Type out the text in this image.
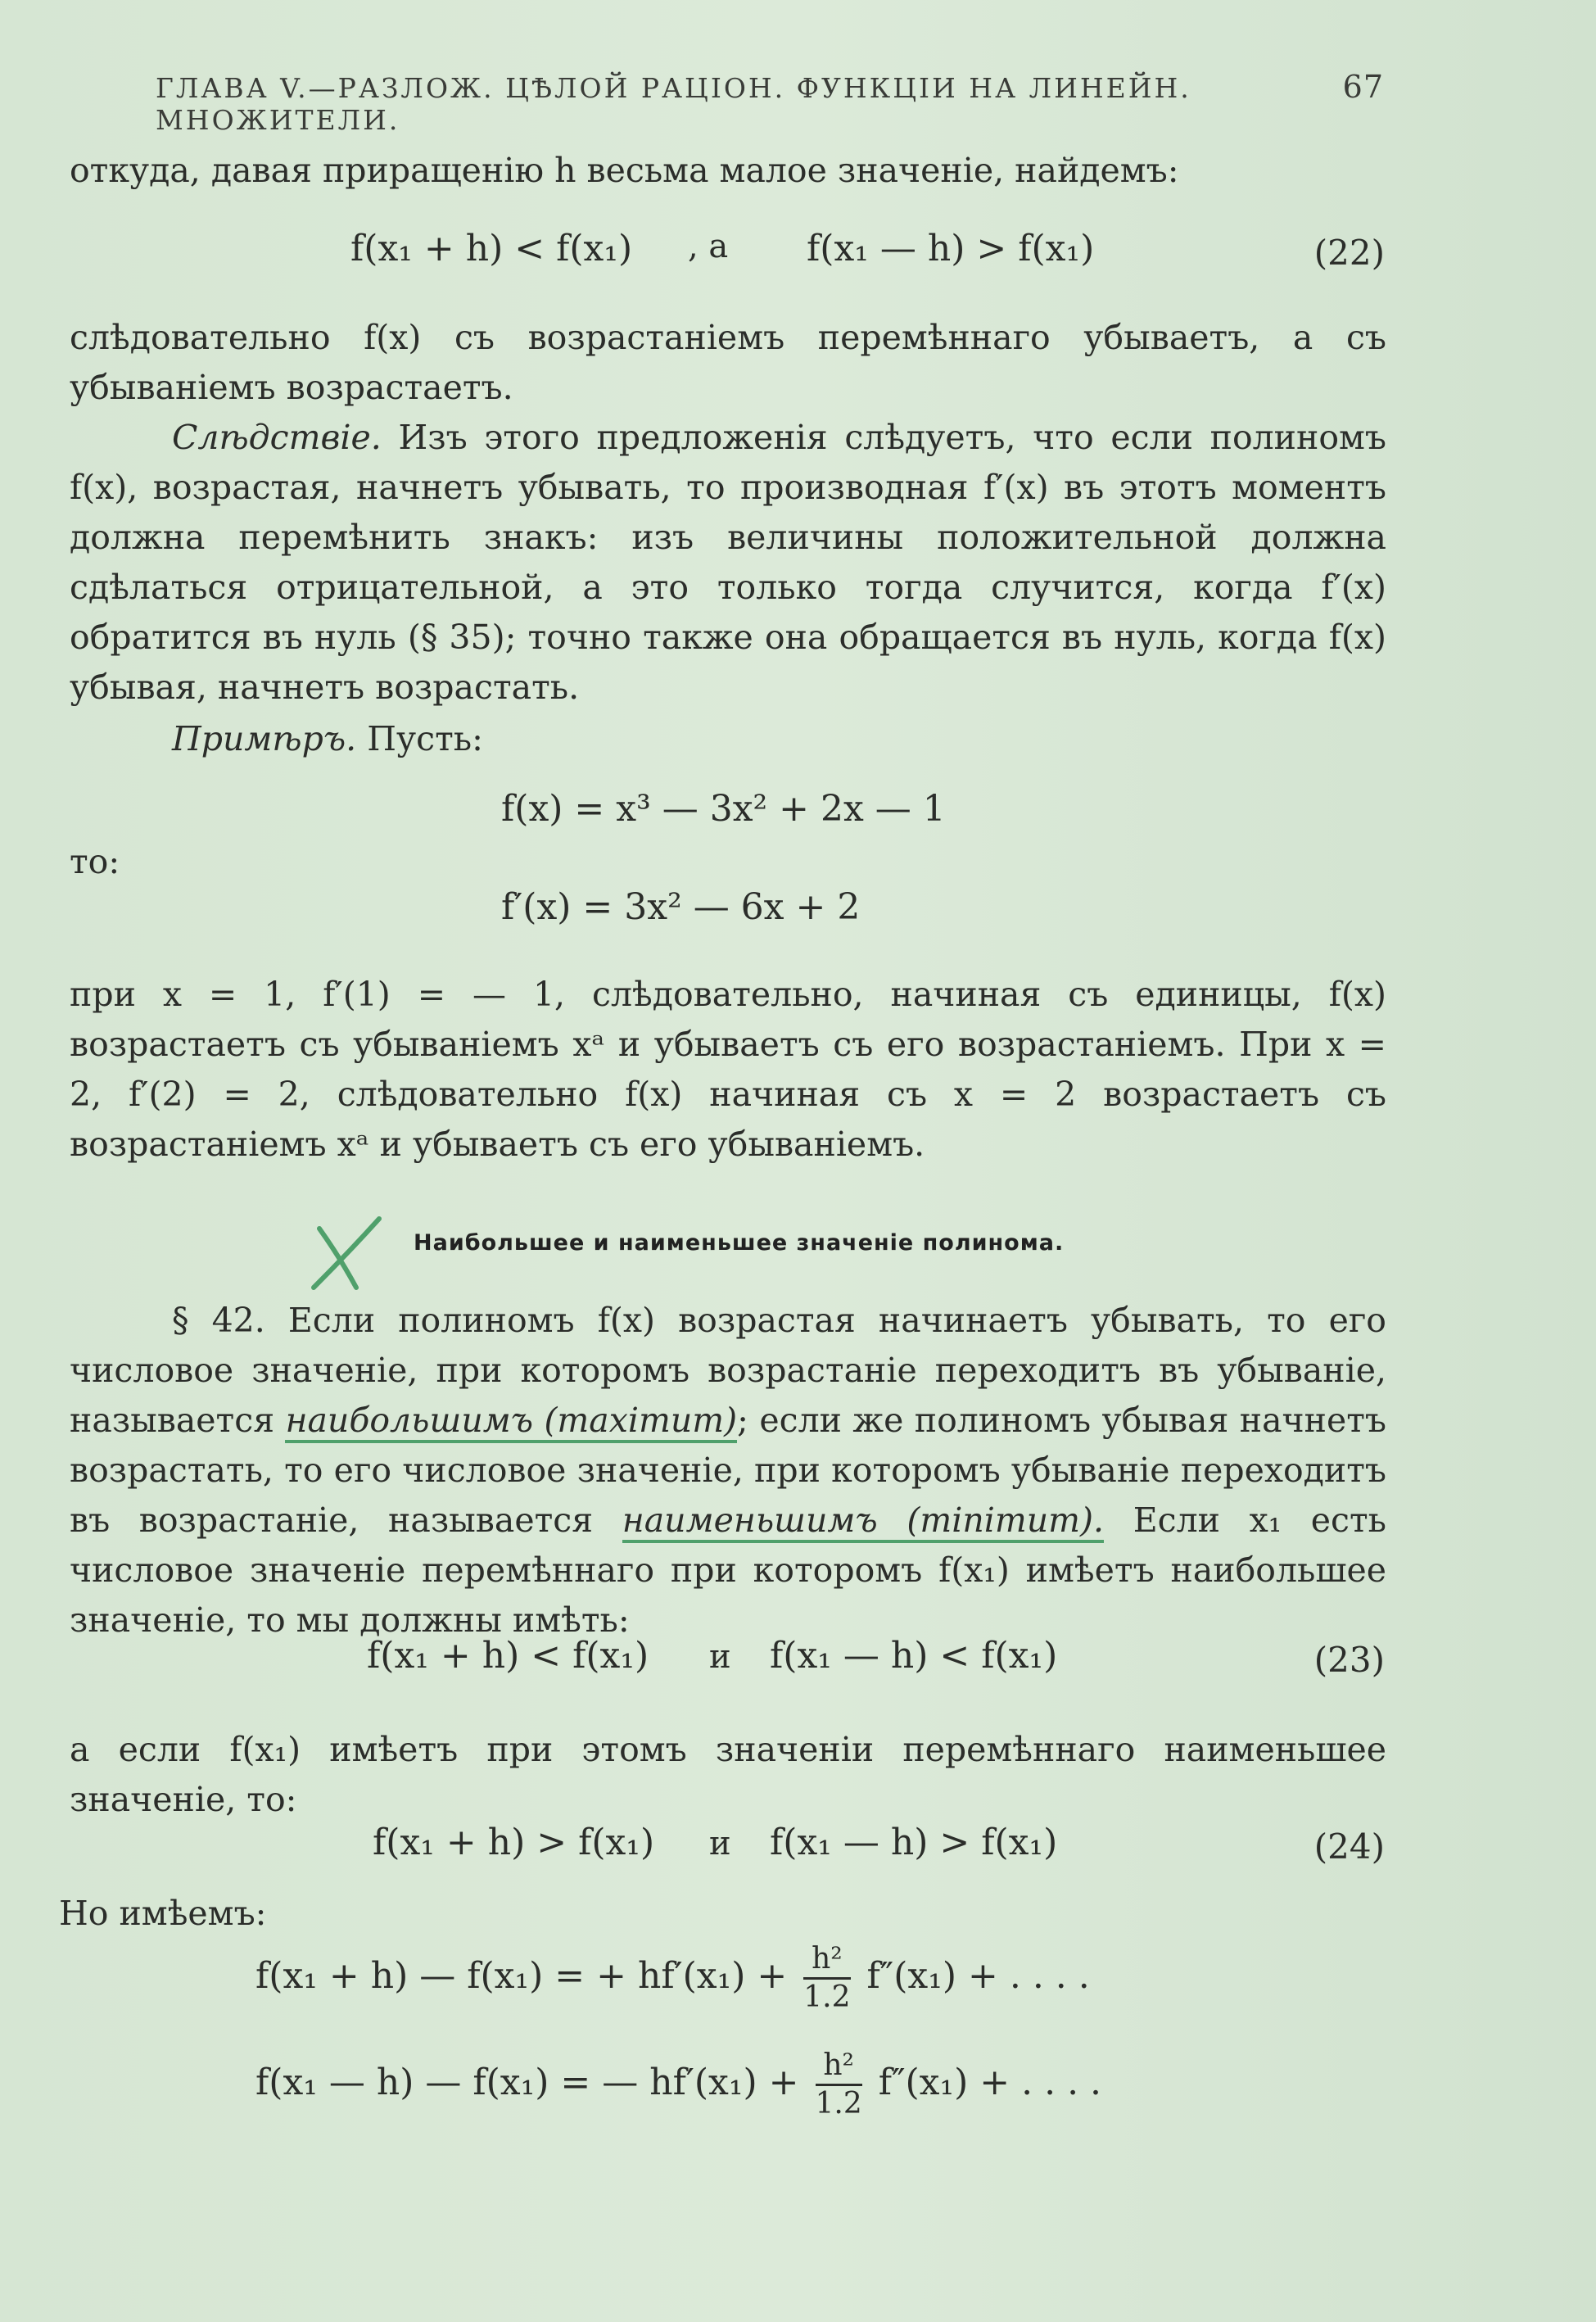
ГЛАВА V.—РАЗЛОЖ. ЦѢЛОЙ РАЦIОН. ФУНКЦIИ НА ЛИНЕЙН. МНОЖИТЕЛИ.
67
откуда, давая приращенiю h весьма малое значенiе, найдемъ:
f(x₁ + h) < f(x₁) , а f(x₁ — h) > f(x₁)	(22)
слѣдовательно f(x) съ возрастанiемъ перемѣннаго убываетъ, а съ убыванiемъ возрастаетъ.
Слѣдствiе. Изъ этого предложенiя слѣдуетъ, что если полиномъ f(x), возрастая, начнетъ убывать, то производная f′(x) въ этотъ моментъ должна перемѣнить знакъ: изъ величины положительной должна сдѣлаться отрицательной, а это только тогда случится, когда f′(x) обратится въ нуль (§ 35); точно также она обращается въ нуль, когда f(x) убывая, начнетъ возрастать.
Примѣръ. Пусть:
f(x) = x³ — 3x² + 2x — 1
то:
f′(x) = 3x² — 6x + 2
при x = 1, f′(1) = — 1, слѣдовательно, начиная съ единицы, f(x) возрастаетъ съ убыванiемъ xᵃ и убываетъ съ его возрастанiемъ. При x = 2, f′(2) = 2, слѣдовательно f(x) начиная съ x = 2 возрастаетъ съ возрастанiемъ xᵃ и убываетъ съ его убыванiемъ.
Наибольшее и наименьшее значенiе полинома.
§ 42. Если полиномъ f(x) возрастая начинаетъ убывать, то его числовое значенiе, при которомъ возрастанiе переходитъ въ убыванiе, называется наибольшимъ (maximum); если же полиномъ убывая начнетъ возрастать, то его числовое значенiе, при которомъ убыванiе переходитъ въ возрастанiе, называется наименьшимъ (minimum). Если x₁ есть числовое значенiе перемѣннаго при которомъ f(x₁) имѣетъ наибольшее значенiе, то мы должны имѣть:
f(x₁ + h) < f(x₁) и f(x₁ — h) < f(x₁)	(23)
а если f(x₁) имѣетъ при этомъ значенiи перемѣннаго наименьшее значенiе, то:
f(x₁ + h) > f(x₁) и f(x₁ — h) > f(x₁)	(24)
Но имѣемъ:
f(x₁ + h) — f(x₁) = + $hf'(x_1) + \frac{\text{h²}}{1.2} f''(x_1)$ + . . . .
f(x₁ — h) — f(x₁) = — $hf'(x_1) + \frac{\text{h²}}{1.2} f''(x_1)$ + . . . .
